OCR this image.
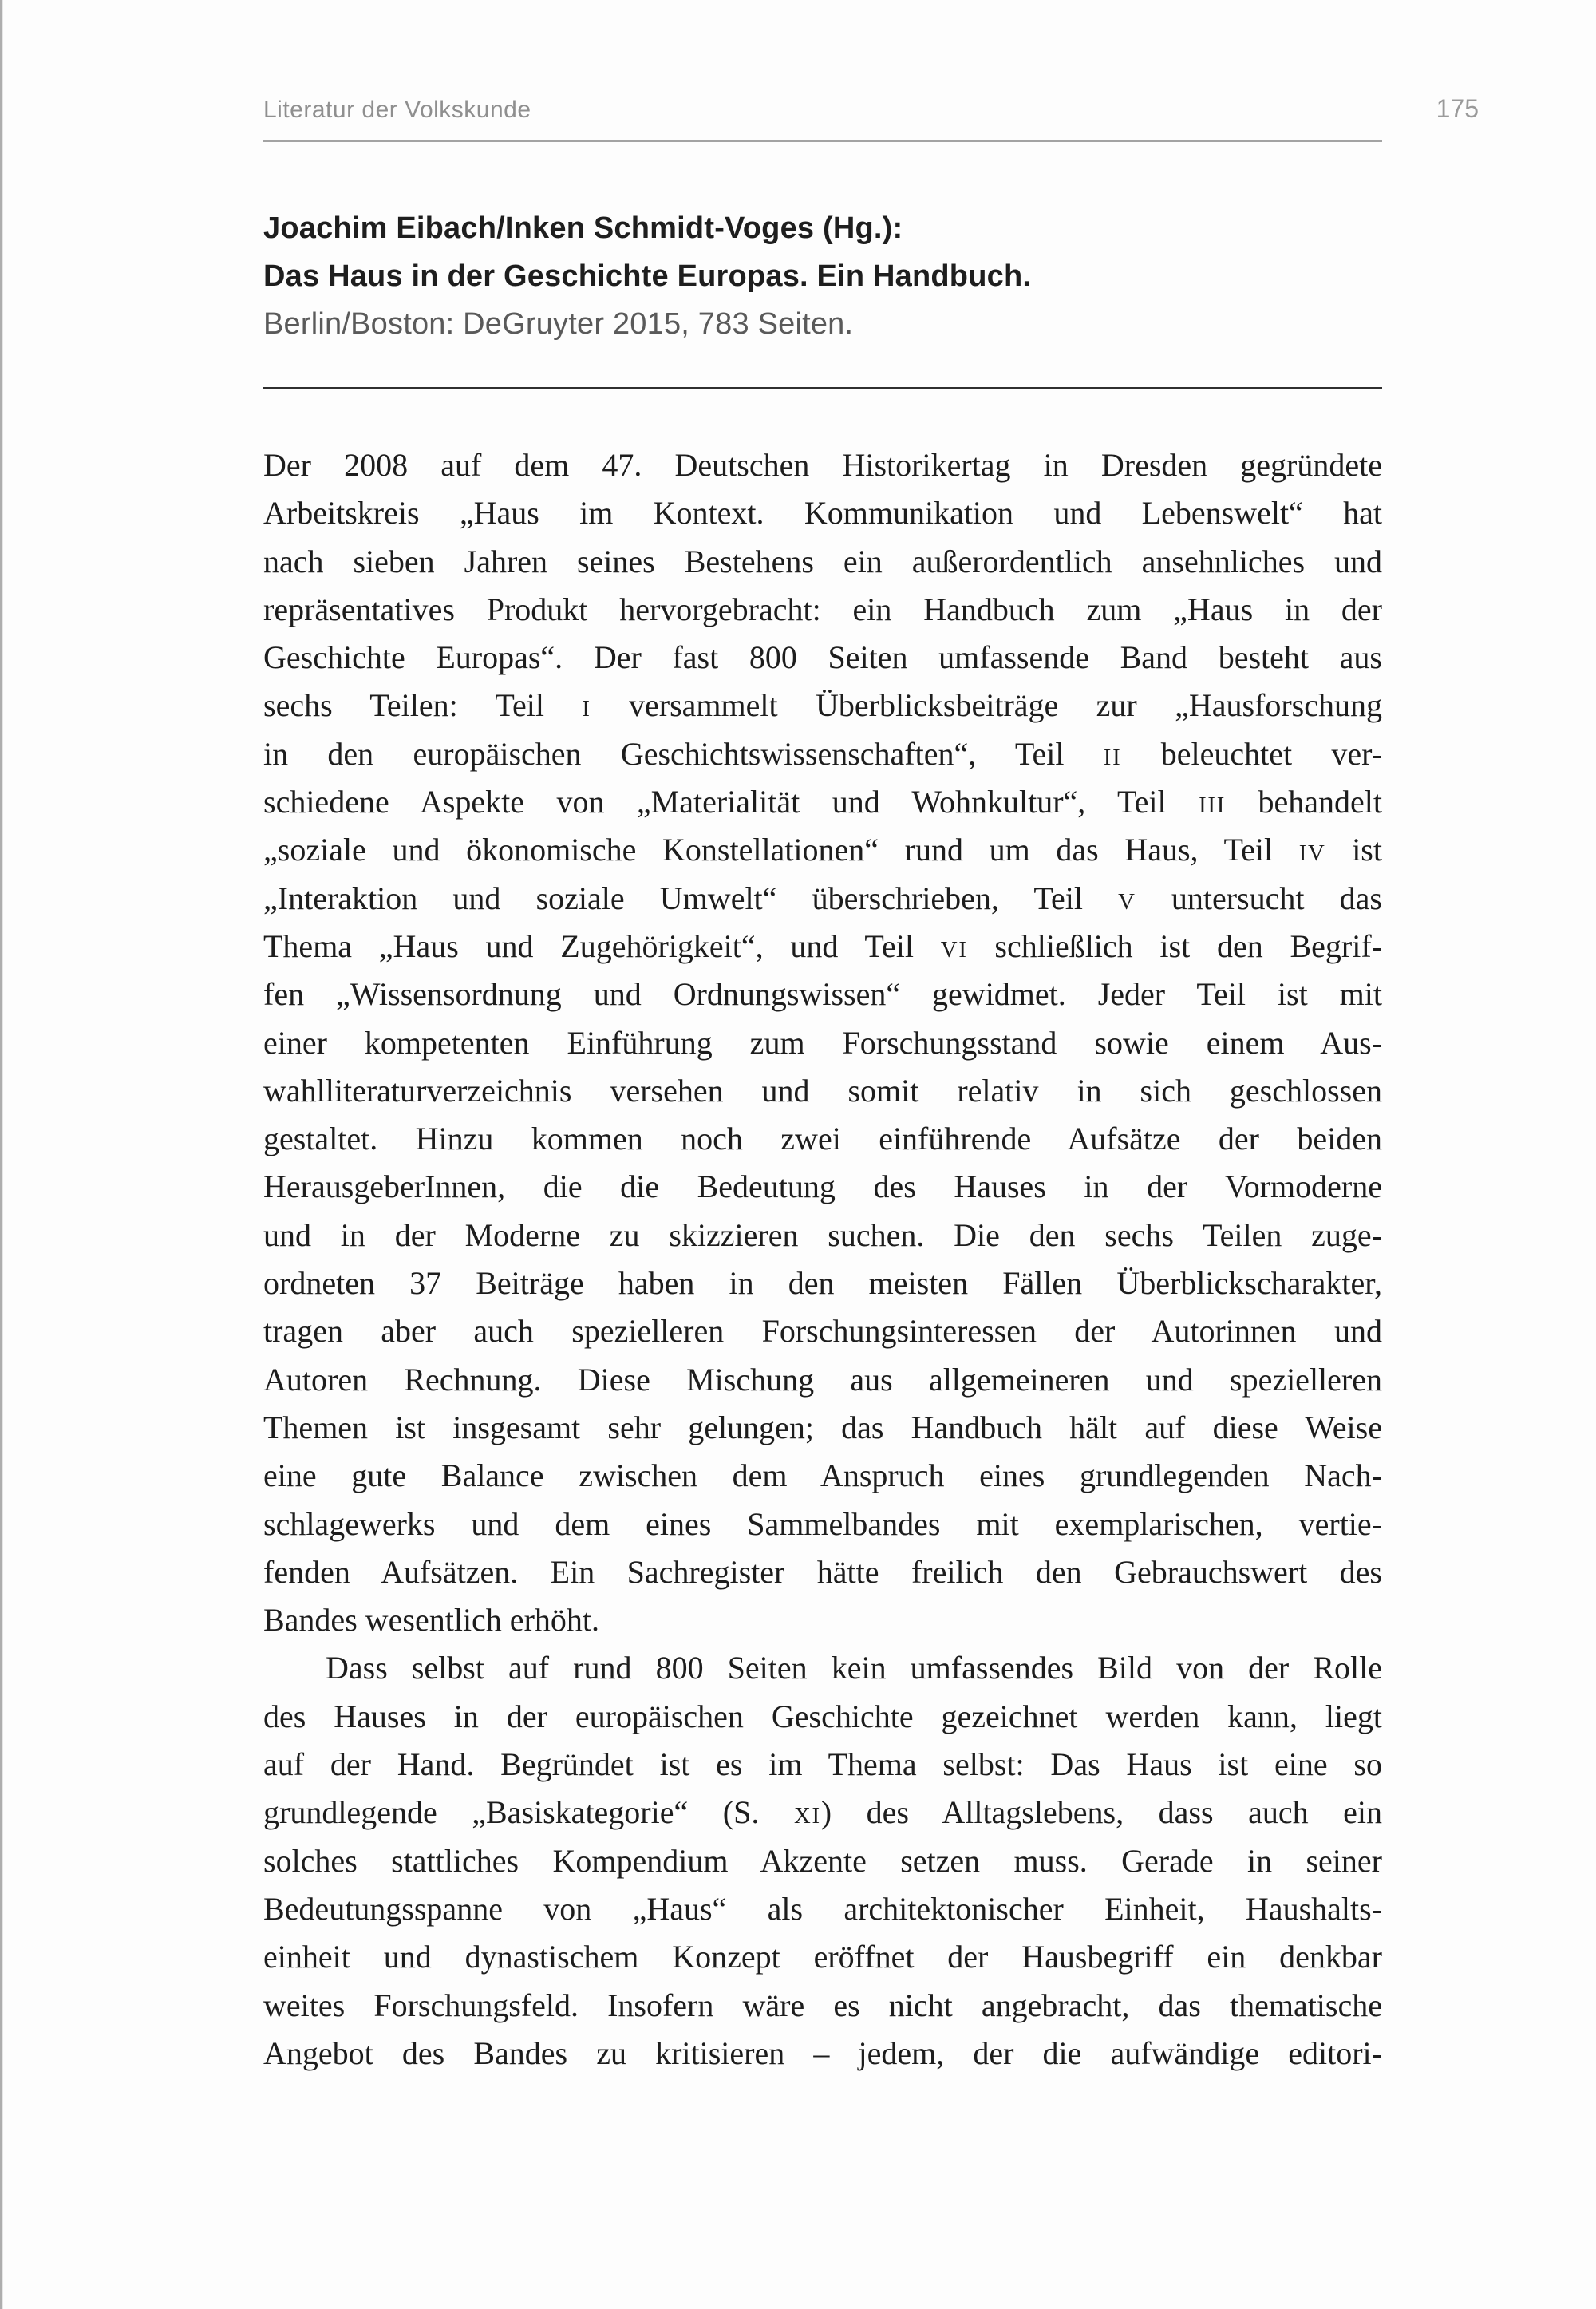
Literatur der Volkskunde	175

Joachim Eibach/Inken Schmidt-Voges (Hg.):

Das Haus in der Geschichte Europas. Ein Handbuch.

Berlin/Boston: DeGruyter 2015, 783 Seiten.

Der 2008 auf dem 47. Deutschen Historikertag in Dresden gegründete
Arbeitskreis „Haus im Kontext. Kommunikation und Lebenswelt“ hat
nach sieben Jahren seines Bestehens ein außerordentlich ansehnliches und
repräsentatives Produkt hervorgebracht: ein Handbuch zum „Haus in der
Geschichte Europas“. Der fast 800 Seiten umfassende Band besteht aus
sechs Teilen: Teil I versammelt Überblicksbeiträge zur „Hausforschung
in den europäischen Geschichtswissenschaften“, Teil II beleuchtet ver-
schiedene Aspekte von „Materialität und Wohnkultur“, Teil III behandelt
„soziale und ökonomische Konstellationen“ rund um das Haus, Teil IV ist
„Interaktion und soziale Umwelt“ überschrieben, Teil V untersucht das
Thema „Haus und Zugehörigkeit“, und Teil VI schließlich ist den Begrif-
fen „Wissensordnung und Ordnungswissen“ gewidmet. Jeder Teil ist mit
einer kompetenten Einführung zum Forschungsstand sowie einem Aus-
wahlliteraturverzeichnis versehen und somit relativ in sich geschlossen
gestaltet. Hinzu kommen noch zwei einführende Aufsätze der beiden
HerausgeberInnen, die die Bedeutung des Hauses in der Vormoderne
und in der Moderne zu skizzieren suchen. Die den sechs Teilen zuge-
ordneten 37 Beiträge haben in den meisten Fällen Überblickscharakter,
tragen aber auch spezielleren Forschungsinteressen der Autorinnen und
Autoren Rechnung. Diese Mischung aus allgemeineren und spezielleren
Themen ist insgesamt sehr gelungen; das Handbuch hält auf diese Weise
eine gute Balance zwischen dem Anspruch eines grundlegenden Nach-
schlagewerks und dem eines Sammelbandes mit exemplarischen, vertie-
fenden Aufsätzen. Ein Sachregister hätte freilich den Gebrauchswert des
Bandes wesentlich erhöht.
Dass selbst auf rund 800 Seiten kein umfassendes Bild von der Rolle
des Hauses in der europäischen Geschichte gezeichnet werden kann, liegt
auf der Hand. Begründet ist es im Thema selbst: Das Haus ist eine so
grundlegende „Basiskategorie“ (S. XI) des Alltagslebens, dass auch ein
solches stattliches Kompendium Akzente setzen muss. Gerade in seiner
Bedeutungsspanne von „Haus“ als architektonischer Einheit, Haushalts-
einheit und dynastischem Konzept eröffnet der Hausbegriff ein denkbar
weites Forschungsfeld. Insofern wäre es nicht angebracht, das thematische
Angebot des Bandes zu kritisieren – jedem, der die aufwändige editori-
